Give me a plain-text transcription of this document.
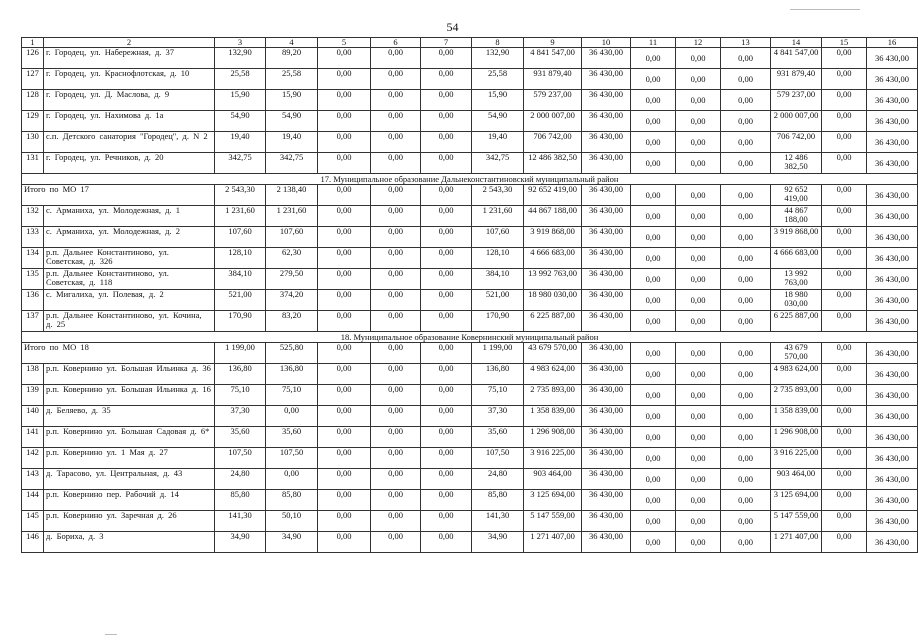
54
1	2	3	4	5	6	7	8	9	10	11	12	13	14	15	16
126	г. Городец, ул. Набережная, д. 37	132,90	89,20	0,00	0,00	0,00	132,90	4 841 547,00	36 430,00	0,00	0,00	0,00	4 841 547,00	0,00	36 430,00
127	г. Городец, ул. Краснофлотская, д. 10	25,58	25,58	0,00	0,00	0,00	25,58	931 879,40	36 430,00	0,00	0,00	0,00	931 879,40	0,00	36 430,00
128	г. Городец, ул. Д. Маслова, д. 9	15,90	15,90	0,00	0,00	0,00	15,90	579 237,00	36 430,00	0,00	0,00	0,00	579 237,00	0,00	36 430,00
129	г. Городец, ул. Нахимова д. 1а	54,90	54,90	0,00	0,00	0,00	54,90	2 000 007,00	36 430,00	0,00	0,00	0,00	2 000 007,00	0,00	36 430,00
130	с.п. Детского санатория "Городец", д. N 2	19,40	19,40	0,00	0,00	0,00	19,40	706 742,00	36 430,00	0,00	0,00	0,00	706 742,00	0,00	36 430,00
131	г. Городец, ул. Речников, д. 20	342,75	342,75	0,00	0,00	0,00	342,75	12 486 382,50	36 430,00	0,00	0,00	0,00	12 486 382,50	0,00	36 430,00
17. Муниципальное образование Дальнеконстантиновский муниципальный район															
Итого по МО 17		2 543,30	2 138,40	0,00	0,00	0,00	2 543,30	92 652 419,00	36 430,00	0,00	0,00	0,00	92 652 419,00	0,00	36 430,00
132	с. Арманиха, ул. Молодежная, д. 1	1 231,60	1 231,60	0,00	0,00	0,00	1 231,60	44 867 188,00	36 430,00	0,00	0,00	0,00	44 867 188,00	0,00	36 430,00
133	с. Арманиха, ул. Молодежная, д. 2	107,60	107,60	0,00	0,00	0,00	107,60	3 919 868,00	36 430,00	0,00	0,00	0,00	3 919 868,00	0,00	36 430,00
134	р.п. Дальнее Константиново, ул. Советская, д. 326	128,10	62,30	0,00	0,00	0,00	128,10	4 666 683,00	36 430,00	0,00	0,00	0,00	4 666 683,00	0,00	36 430,00
135	р.п. Дальнее Константиново, ул. Советская, д. 118	384,10	279,50	0,00	0,00	0,00	384,10	13 992 763,00	36 430,00	0,00	0,00	0,00	13 992 763,00	0,00	36 430,00
136	с. Мигалиха, ул. Полевая, д. 2	521,00	374,20	0,00	0,00	0,00	521,00	18 980 030,00	36 430,00	0,00	0,00	0,00	18 980 030,00	0,00	36 430,00
137	р.п. Дальнее Константиново, ул. Кочина, д. 25	170,90	83,20	0,00	0,00	0,00	170,90	6 225 887,00	36 430,00	0,00	0,00	0,00	6 225 887,00	0,00	36 430,00
18. Муниципальное образование Ковернинский муниципальный район															
Итого по МО 18		1 199,00	525,80	0,00	0,00	0,00	1 199,00	43 679 570,00	36 430,00	0,00	0,00	0,00	43 679 570,00	0,00	36 430,00
138	р.п. Ковернино ул. Большая Ильинка д. 36	136,80	136,80	0,00	0,00	0,00	136,80	4 983 624,00	36 430,00	0,00	0,00	0,00	4 983 624,00	0,00	36 430,00
139	р.п. Ковернино ул. Большая Ильинка д. 16	75,10	75,10	0,00	0,00	0,00	75,10	2 735 893,00	36 430,00	0,00	0,00	0,00	2 735 893,00	0,00	36 430,00
140	д. Беляево, д. 35	37,30	0,00	0,00	0,00	0,00	37,30	1 358 839,00	36 430,00	0,00	0,00	0,00	1 358 839,00	0,00	36 430,00
141	р.п. Ковернино ул. Большая Садовая д. 6*	35,60	35,60	0,00	0,00	0,00	35,60	1 296 908,00	36 430,00	0,00	0,00	0,00	1 296 908,00	0,00	36 430,00
142	р.п. Ковернино ул. 1 Мая д. 27	107,50	107,50	0,00	0,00	0,00	107,50	3 916 225,00	36 430,00	0,00	0,00	0,00	3 916 225,00	0,00	36 430,00
143	д. Тарасово, ул. Центральная, д. 43	24,80	0,00	0,00	0,00	0,00	24,80	903 464,00	36 430,00	0,00	0,00	0,00	903 464,00	0,00	36 430,00
144	р.п. Ковернино пер. Рабочий д. 14	85,80	85,80	0,00	0,00	0,00	85,80	3 125 694,00	36 430,00	0,00	0,00	0,00	3 125 694,00	0,00	36 430,00
145	р.п. Ковернино ул. Заречная д. 26	141,30	50,10	0,00	0,00	0,00	141,30	5 147 559,00	36 430,00	0,00	0,00	0,00	5 147 559,00	0,00	36 430,00
146	д. Бориха, д. 3	34,90	34,90	0,00	0,00	0,00	34,90	1 271 407,00	36 430,00	0,00	0,00	0,00	1 271 407,00	0,00	36 430,00
